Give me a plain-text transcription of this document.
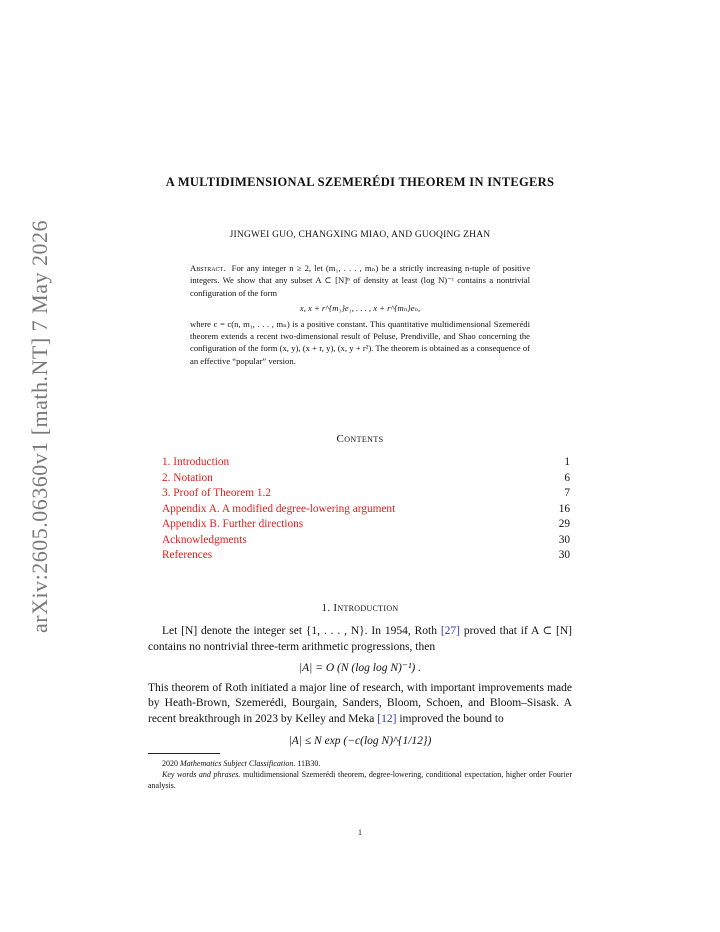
arXiv:2605.06360v1 [math.NT] 7 May 2026
A MULTIDIMENSIONAL SZEMERÉDI THEOREM IN INTEGERS
JINGWEI GUO, CHANGXING MIAO, AND GUOQING ZHAN

Abstract. For any integer n ≥ 2, let (m₁, . . . , mₙ) be a strictly increasing n-tuple of positive integers. We show that any subset A ⊂ [N]ⁿ of density at least (log N)⁻ᶜ contains a nontrivial configuration of the form

x, x + r^{m₁}e₁, . . . , x + r^{mₙ}eₙ,

where c = c(n, m₁, . . . , mₙ) is a positive constant. This quantitative multidimensional Szemerédi theorem extends a recent two-dimensional result of Peluse, Prendiville, and Shao concerning the configuration of the form (x, y), (x + r, y), (x, y + r²). The theorem is obtained as a consequence of an effective “popular” version.

Contents
1. Introduction	1
2. Notation	6
3. Proof of Theorem 1.2	7
Appendix A. A modified degree-lowering argument	16
Appendix B. Further directions	29
Acknowledgments	30
References	30
1. Introduction

Let [N] denote the integer set {1, . . . , N}. In 1954, Roth [27] proved that if A ⊂ [N] contains no nontrivial three-term arithmetic progressions, then

|A| = O (N (log log N)⁻¹) .

This theorem of Roth initiated a major line of research, with important improvements made by Heath-Brown, Szemerédi, Bourgain, Sanders, Bloom, Schoen, and Bloom–Sisask. A recent breakthrough in 2023 by Kelley and Meka [12] improved the bound to

|A| ≤ N exp (−c(log N)^{1/12})

2020 Mathematics Subject Classification. 11B30.

Key words and phrases. multidimensional Szemerédi theorem, degree-lowering, conditional expectation, higher order Fourier analysis.

1
